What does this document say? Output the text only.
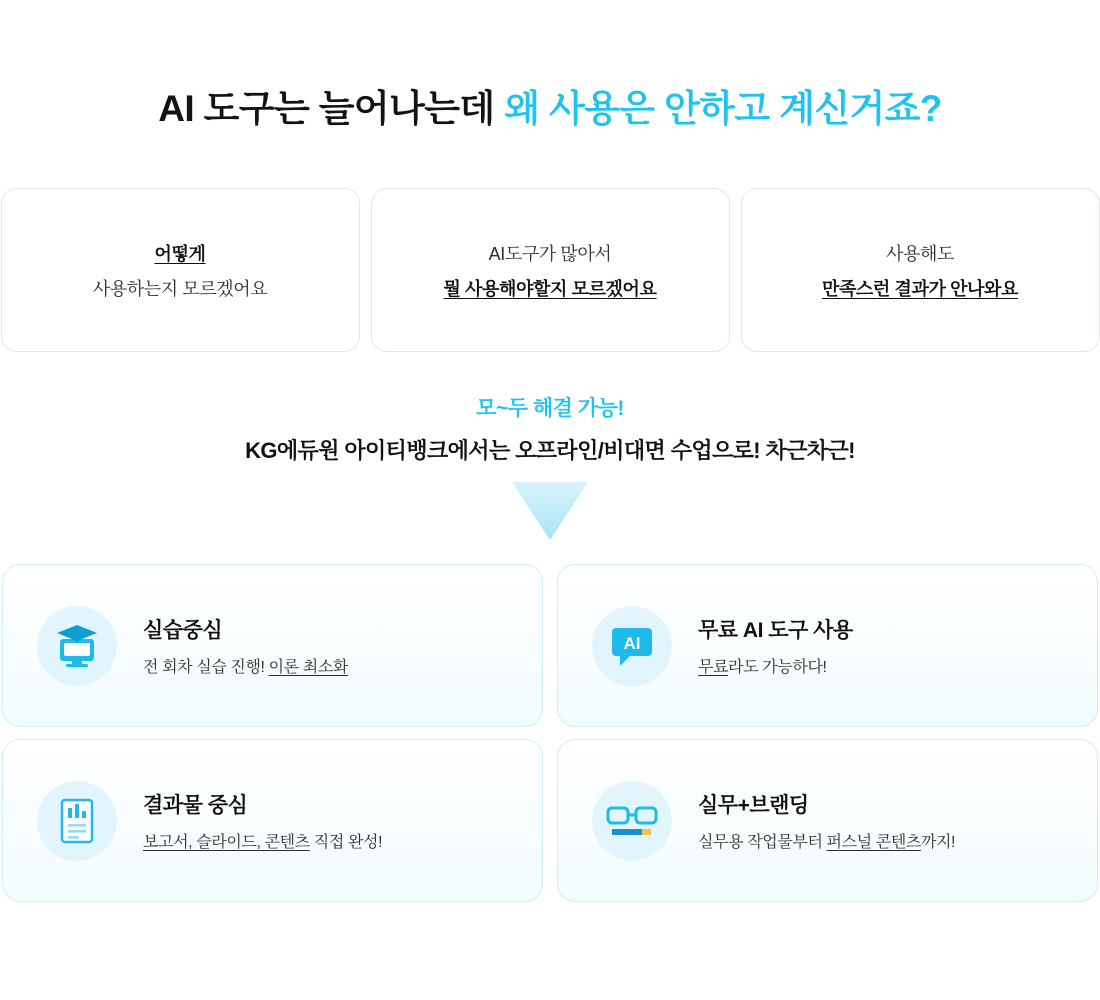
AI 도구는 늘어나는데 왜 사용은 안하고 계신거죠?
어떻게
사용하는지 모르겠어요
AI도구가 많아서
뭘 사용해야할지 모르겠어요
사용해도
만족스런 결과가 안나와요
모~두 해결 가능!
KG에듀원 아이티뱅크에서는 오프라인/비대면 수업으로! 차근차근!
실습중심
전 회차 실습 진행! 이론 최소화
AI
무료 AI 도구 사용
무료라도 가능하다!
결과물 중심
보고서, 슬라이드, 콘텐츠 직접 완성!
실무+브랜딩
실무용 작업물부터 퍼스널 콘텐츠까지!
